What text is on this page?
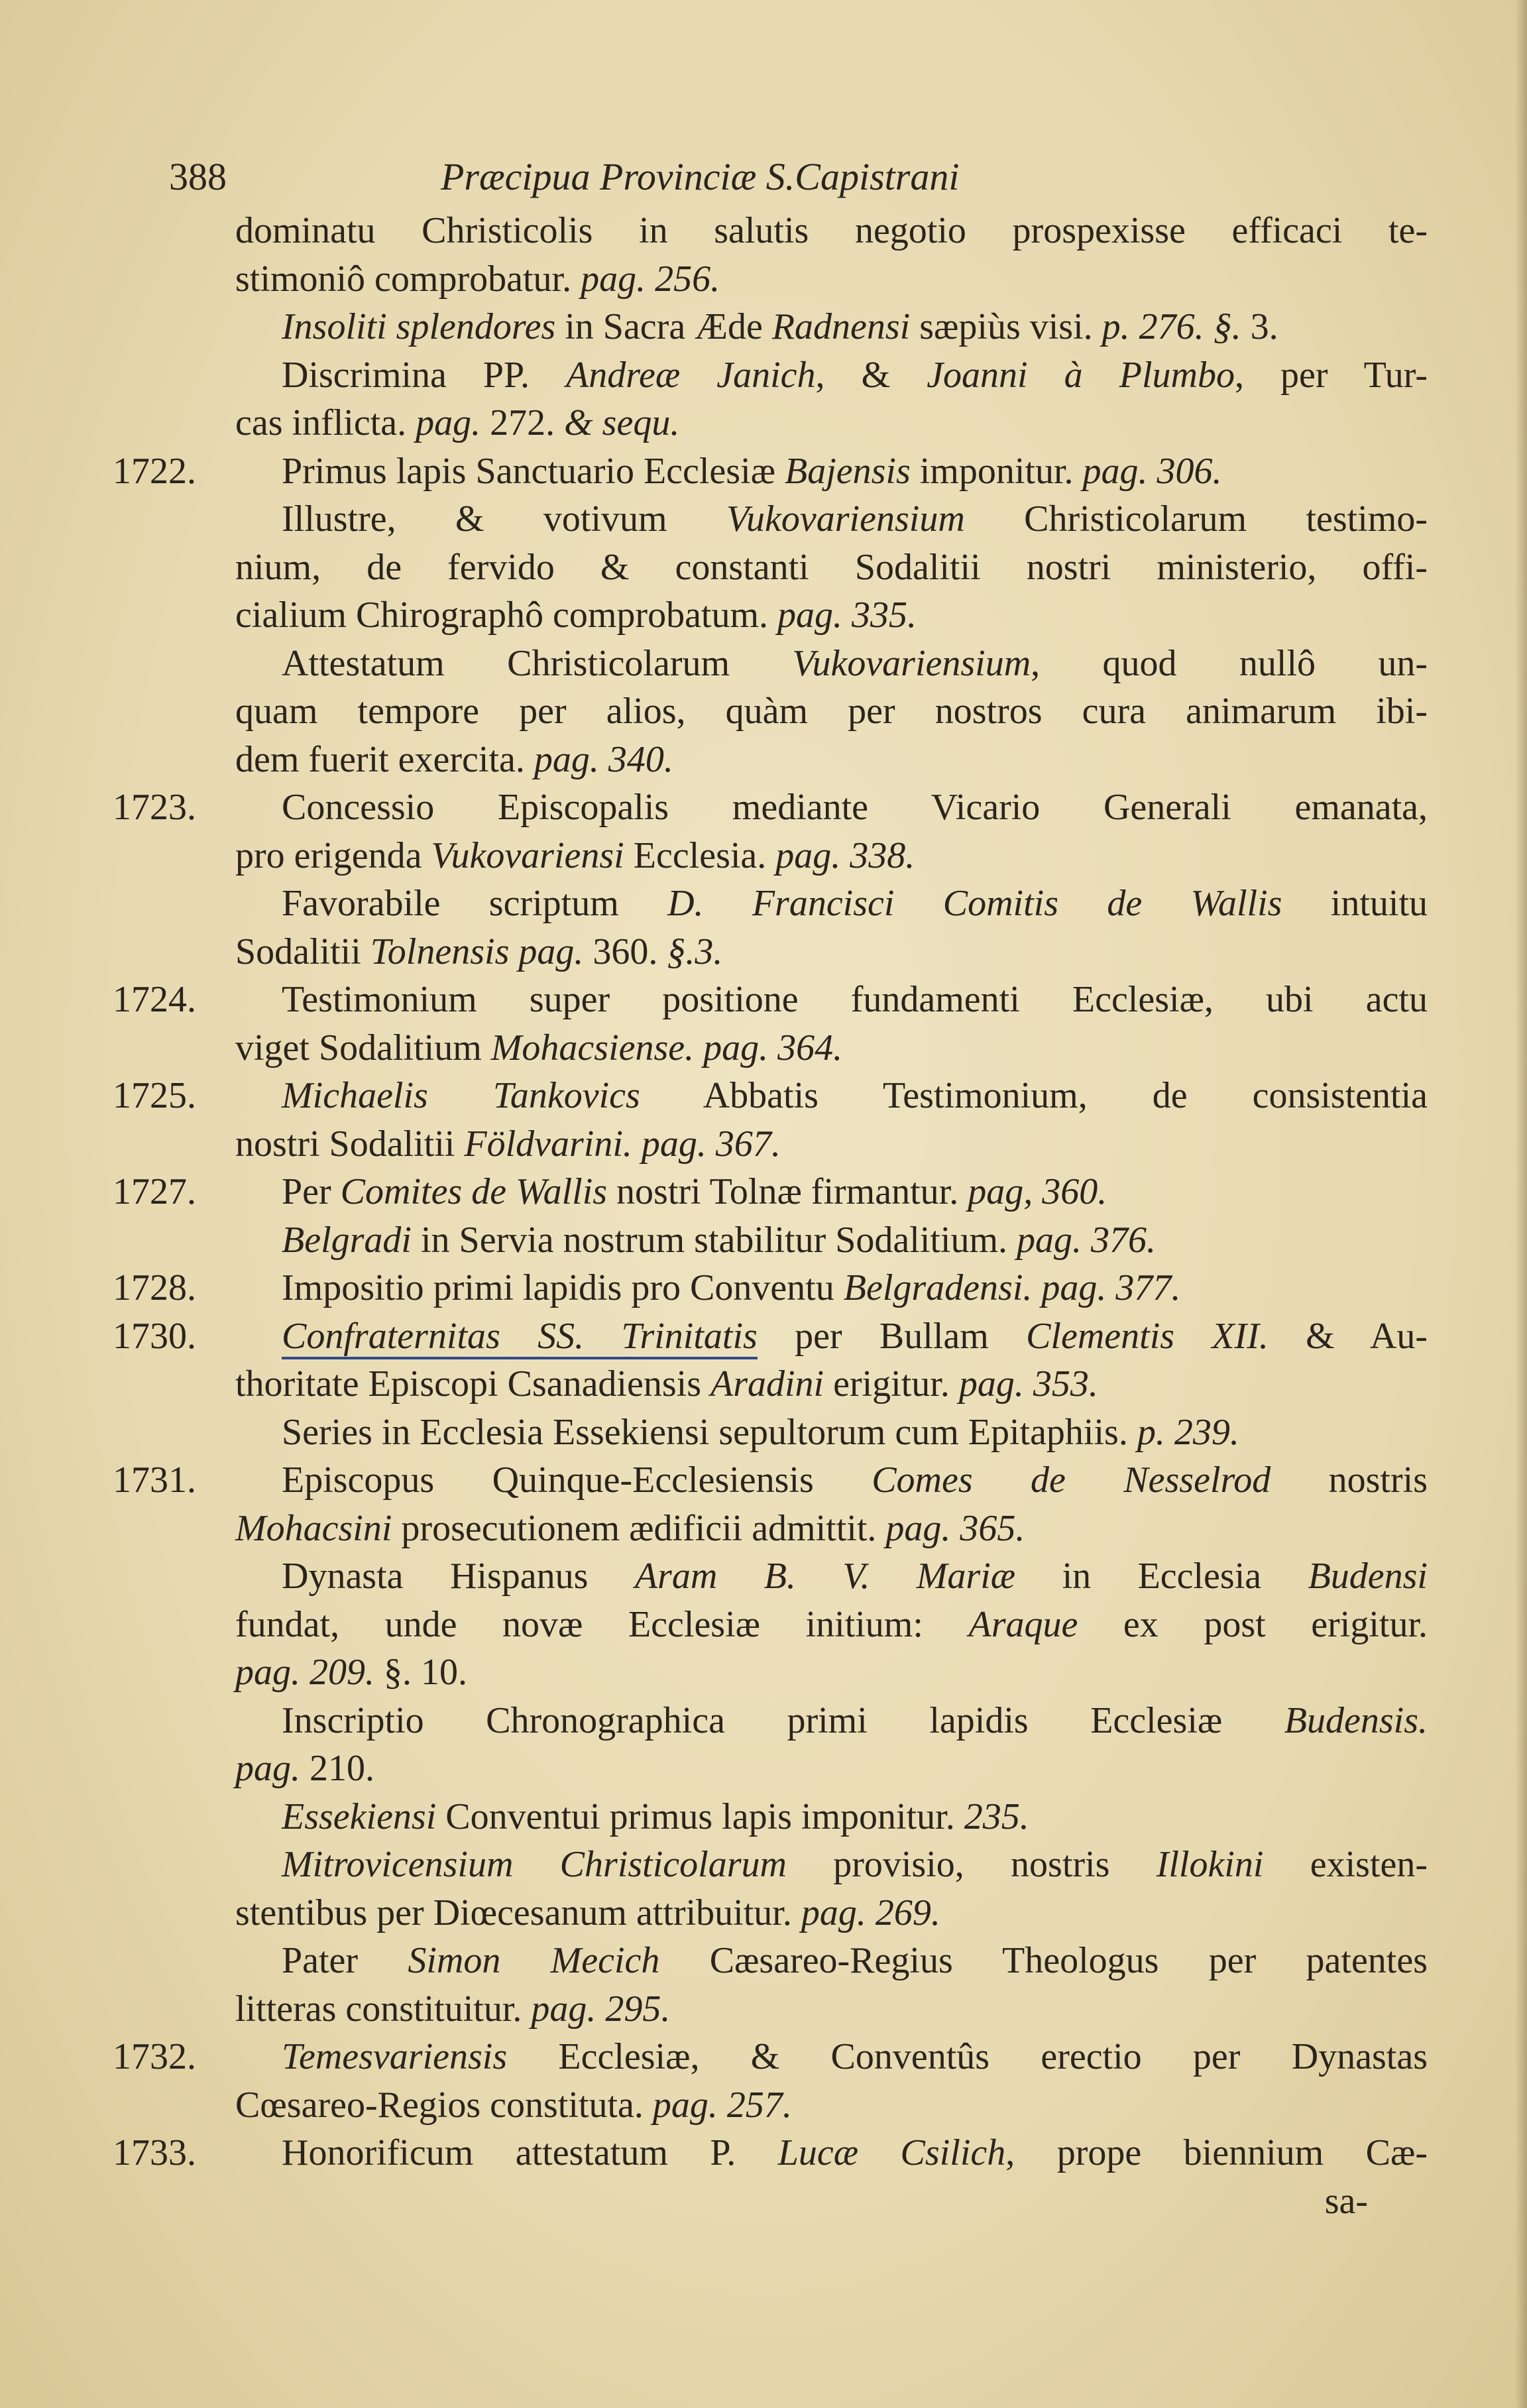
388	Præcipua Provinciæ S.Capistrani
dominatu Christicolis in salutis negotio prospexisse efficaci te-
stimoniô comprobatur. pag. 256.
Insoliti splendores in Sacra Æde Radnensi sæpiùs visi. p. 276. §. 3.
Discrimina PP. Andreæ Janich, & Joanni à Plumbo, per Tur-
cas inflicta. pag. 272. & sequ.
1722.	Primus lapis Sanctuario Ecclesiæ Bajensis imponitur. pag. 306.
Illustre, & votivum Vukovariensium Christicolarum testimo-
nium, de fervido & constanti Sodalitii nostri ministerio, offi-
cialium Chirographô comprobatum. pag. 335.
Attestatum Christicolarum Vukovariensium, quod nullô un-
quam tempore per alios, quàm per nostros cura animarum ibi-
dem fuerit exercita. pag. 340.
1723.	Concessio Episcopalis mediante Vicario Generali emanata,
pro erigenda Vukovariensi Ecclesia. pag. 338.
Favorabile scriptum D. Francisci Comitis de Wallis intuitu
Sodalitii Tolnensis pag. 360. §.3.
1724.	Testimonium super positione fundamenti Ecclesiæ, ubi actu
viget Sodalitium Mohacsiense. pag. 364.
1725.	Michaelis Tankovics Abbatis Testimonium, de consistentia
nostri Sodalitii Földvarini. pag. 367.
1727.	Per Comites de Wallis nostri Tolnæ firmantur. pag, 360.
Belgradi in Servia nostrum stabilitur Sodalitium. pag. 376.
1728.	Impositio primi lapidis pro Conventu Belgradensi. pag. 377.
1730.	Confraternitas SS. Trinitatis per Bullam Clementis XII. & Au-
thoritate Episcopi Csanadiensis Aradini erigitur. pag. 353.
Series in Ecclesia Essekiensi sepultorum cum Epitaphiis. p. 239.
1731.	Episcopus Quinque-Ecclesiensis Comes de Nesselrod nostris
Mohacsini prosecutionem ædificii admittit. pag. 365.
Dynasta Hispanus Aram B. V. Mariæ in Ecclesia Budensi
fundat, unde novæ Ecclesiæ initium: Araque ex post erigitur.
pag. 209. §. 10.
Inscriptio Chronographica primi lapidis Ecclesiæ Budensis.
pag. 210.
Essekiensi Conventui primus lapis imponitur. 235.
Mitrovicensium Christicolarum provisio, nostris Illokini existen-
stentibus per Diœcesanum attribuitur. pag. 269.
Pater Simon Mecich Cæsareo-Regius Theologus per patentes
litteras constituitur. pag. 295.
1732.	Temesvariensis Ecclesiæ, & Conventûs erectio per Dynastas
Cœsareo-Regios constituta. pag. 257.
1733.	Honorificum attestatum P. Lucæ Csilich, prope biennium Cæ-
sa-
